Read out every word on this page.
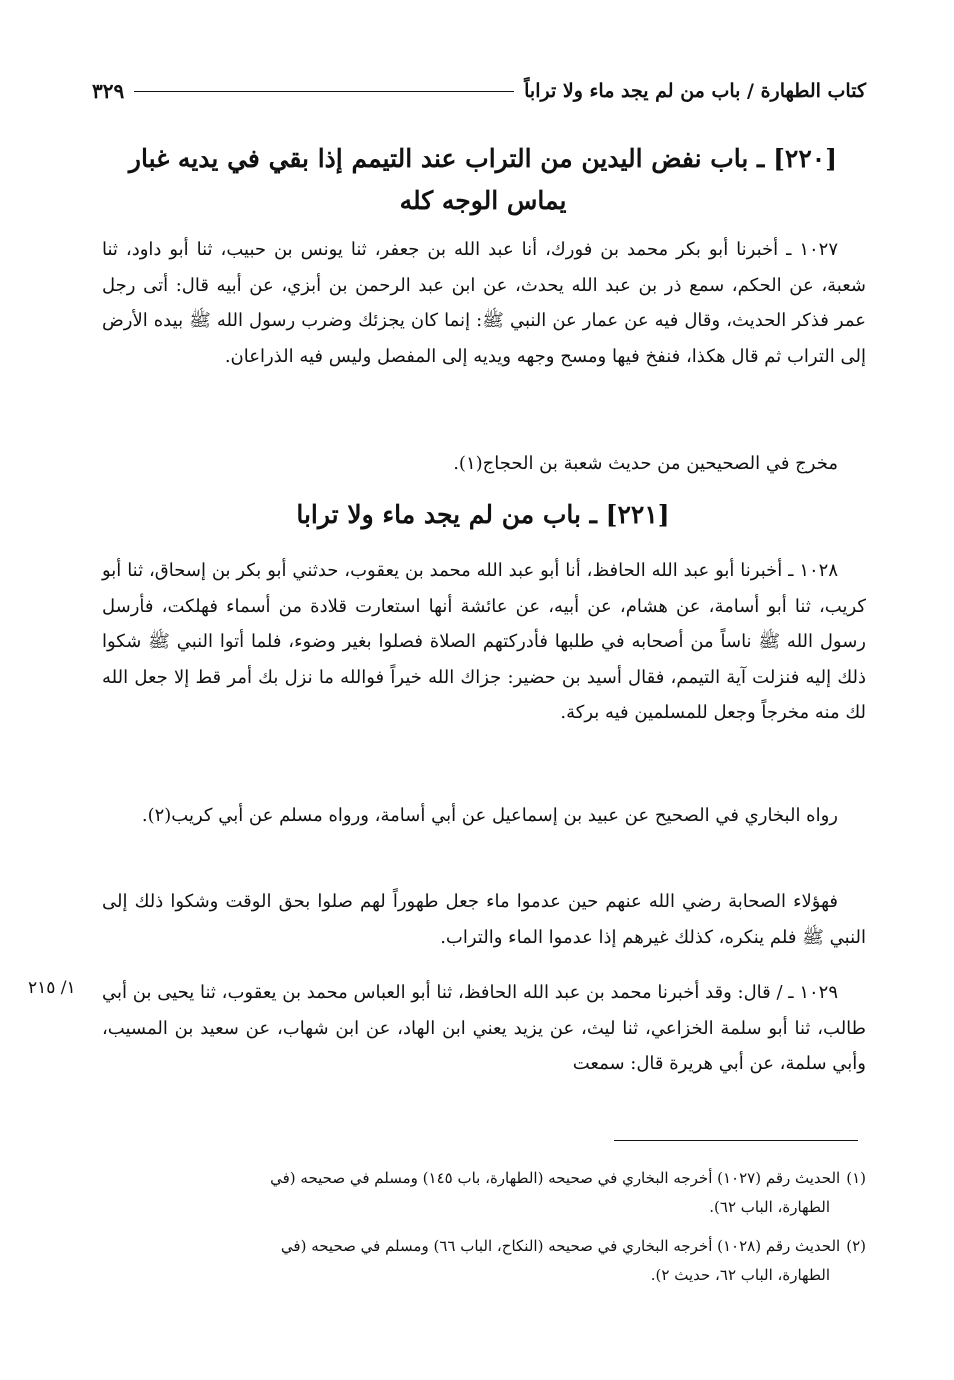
كتاب الطهارة / باب من لم يجد ماء ولا تراباً
٣٢٩
[٢٢٠] ـ باب نفض اليدين من التراب عند التيمم إذا بقي في يديه غبار يماس الوجه كله
١٠٢٧ ـ أخبرنا أبو بكر محمد بن فورك، أنا عبد الله بن جعفر، ثنا يونس بن حبيب، ثنا أبو داود، ثنا شعبة، عن الحكم، سمع ذر بن عبد الله يحدث، عن ابن عبد الرحمن بن أبزي، عن أبيه قال: أتى رجل عمر فذكر الحديث، وقال فيه عن عمار عن النبي ﷺ: إنما كان يجزئك وضرب رسول الله ﷺ بيده الأرض إلى التراب ثم قال هكذا، فنفخ فيها ومسح وجهه ويديه إلى المفصل وليس فيه الذراعان.
مخرج في الصحيحين من حديث شعبة بن الحجاج(١).
[٢٢١] ـ باب من لم يجد ماء ولا ترابا
١٠٢٨ ـ أخبرنا أبو عبد الله الحافظ، أنا أبو عبد الله محمد بن يعقوب، حدثني أبو بكر بن إسحاق، ثنا أبو كريب، ثنا أبو أسامة، عن هشام، عن أبيه، عن عائشة أنها استعارت قلادة من أسماء فهلكت، فأرسل رسول الله ﷺ ناساً من أصحابه في طلبها فأدركتهم الصلاة فصلوا بغير وضوء، فلما أتوا النبي ﷺ شكوا ذلك إليه فنزلت آية التيمم، فقال أسيد بن حضير: جزاك الله خيراً فوالله ما نزل بك أمر قط إلا جعل الله لك منه مخرجاً وجعل للمسلمين فيه بركة.
رواه البخاري في الصحيح عن عبيد بن إسماعيل عن أبي أسامة، ورواه مسلم عن أبي كريب(٢).
فهؤلاء الصحابة رضي الله عنهم حين عدموا ماء جعل طهوراً لهم صلوا بحق الوقت وشكوا ذلك إلى النبي ﷺ فلم ينكره، كذلك غيرهم إذا عدموا الماء والتراب.
١٠٢٩ ـ / قال: وقد أخبرنا محمد بن عبد الله الحافظ، ثنا أبو العباس محمد بن يعقوب، ثنا يحيى بن أبي طالب، ثنا أبو سلمة الخزاعي، ثنا ليث، عن يزيد يعني ابن الهاد، عن ابن شهاب، عن سعيد بن المسيب، وأبي سلمة، عن أبي هريرة قال: سمعت
١/ ٢١٥
(١)الحديث رقم (١٠٢٧) أخرجه البخاري في صحيحه (الطهارة، باب ١٤٥) ومسلم في صحيحه (في
الطهارة، الباب ٦٢).
(٢)الحديث رقم (١٠٢٨) أخرجه البخاري في صحيحه (النكاح، الباب ٦٦) ومسلم في صحيحه (في
الطهارة، الباب ٦٢، حديث ٢).
